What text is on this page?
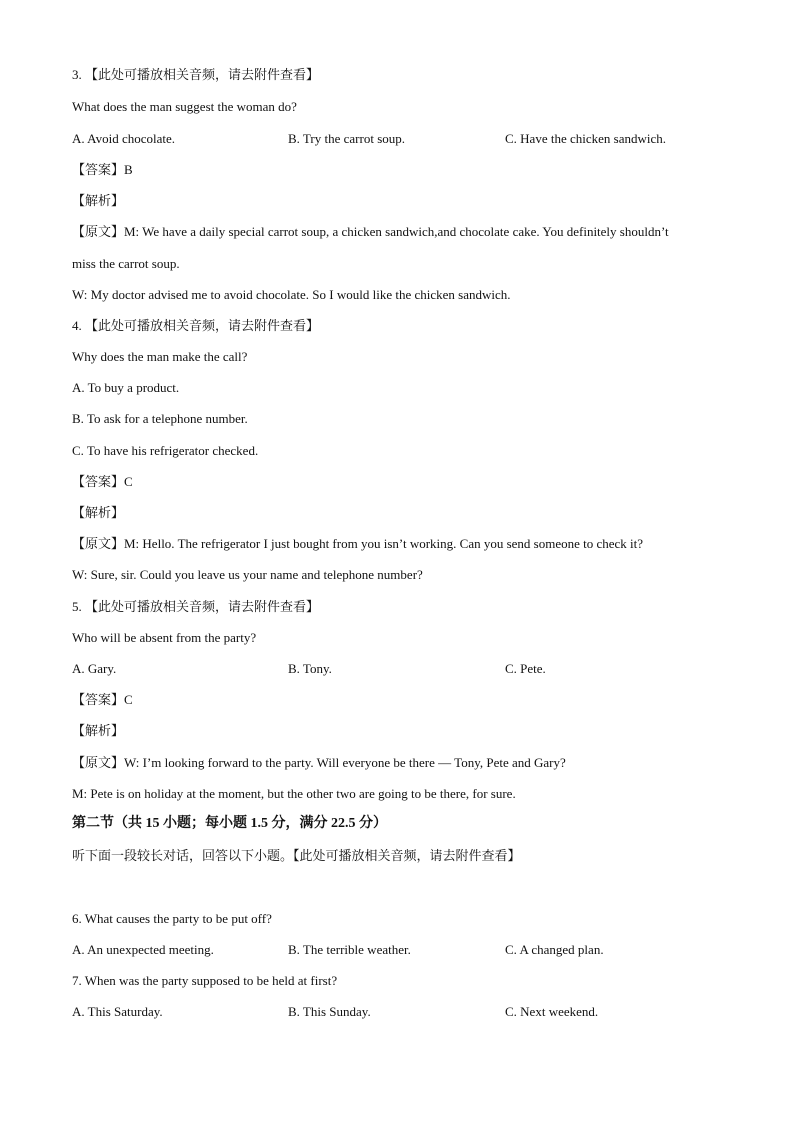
3. 【此处可播放相关音频，请去附件查看】
What does the man suggest the woman do?
A. Avoid chocolate.	B. Try the carrot soup.	C. Have the chicken sandwich.
【答案】B
【解析】
【原文】M: We have a daily special carrot soup, a chicken sandwich,and chocolate cake. You definitely shouldn’t
miss the carrot soup.
W: My doctor advised me to avoid chocolate. So I would like the chicken sandwich.
4. 【此处可播放相关音频，请去附件查看】
Why does the man make the call?
A. To buy a product.
B. To ask for a telephone number.
C. To have his refrigerator checked.
【答案】C
【解析】
【原文】M: Hello. The refrigerator I just bought from you isn’t working. Can you send someone to check it?
W: Sure, sir. Could you leave us your name and telephone number?
5. 【此处可播放相关音频，请去附件查看】
Who will be absent from the party?
A. Gary.	B. Tony.	C. Pete.
【答案】C
【解析】
【原文】W: I’m looking forward to the party. Will everyone be there — Tony, Pete and Gary?
M: Pete is on holiday at the moment, but the other two are going to be there, for sure.
第二节（共 15 小题；每小题 1.5 分，满分 22.5 分）
听下面一段较长对话，回答以下小题。【此处可播放相关音频，请去附件查看】
6. What causes the party to be put off?
A. An unexpected meeting.	B. The terrible weather.	C. A changed plan.
7. When was the party supposed to be held at first?
A. This Saturday.	B. This Sunday.	C. Next weekend.
